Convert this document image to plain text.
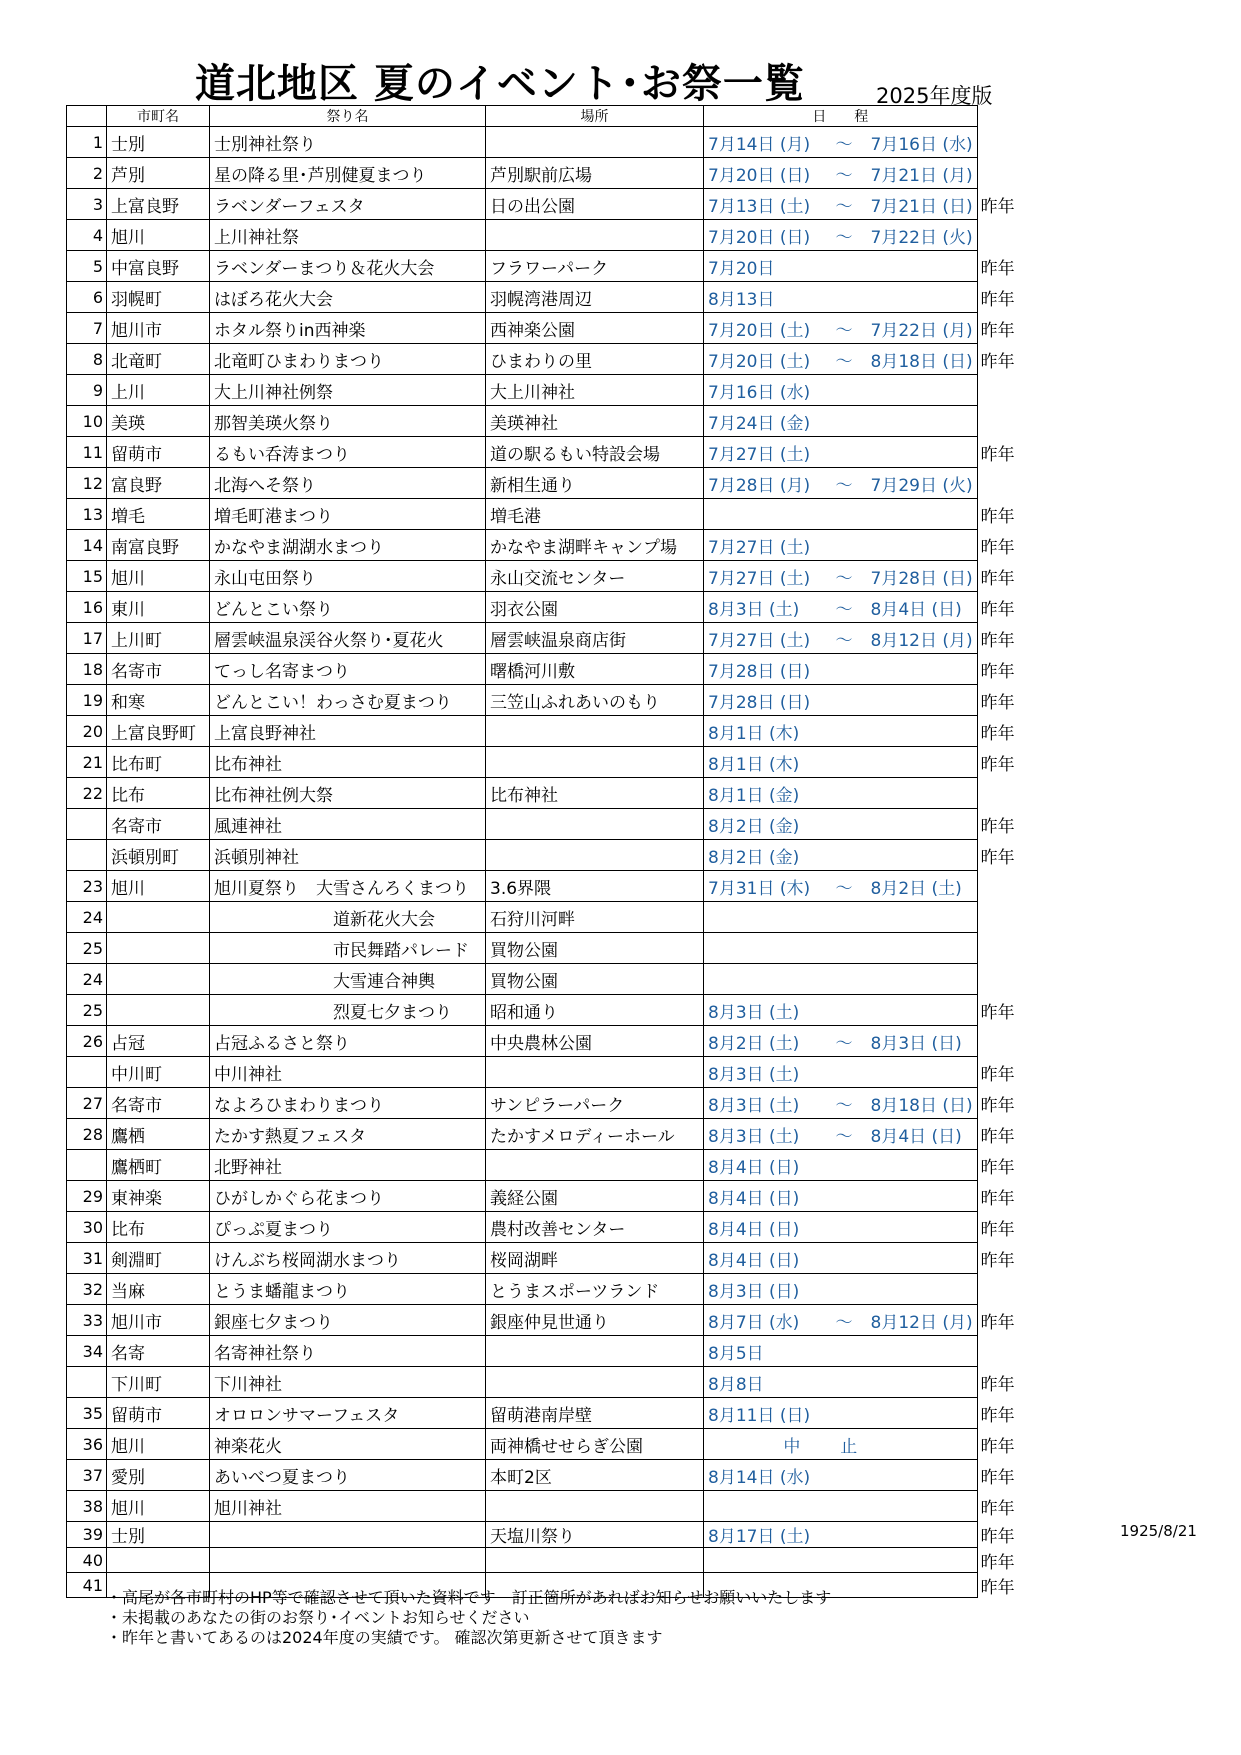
道北地区 夏のイベント･お祭一覧	2025年度版
	市町名	祭り名	場所	日　　程			
1	士別	士別神社祭り		7月14日 (月)	〜	7月16日 (水)	
2	芦別	星の降る里･芦別健夏まつり	芦別駅前広場	7月20日 (日)	〜	7月21日 (月)	
3	上富良野	ラベンダーフェスタ	日の出公園	7月13日 (土)	〜	7月21日 (日)	昨年
4	旭川	上川神社祭		7月20日 (日)	〜	7月22日 (火)	
5	中富良野	ラベンダーまつり＆花火大会	フラワーパーク	7月20日			昨年
6	羽幌町	はぼろ花火大会	羽幌湾港周辺	8月13日			昨年
7	旭川市	ホタル祭りin西神楽	西神楽公園	7月20日 (土)	〜	7月22日 (月)	昨年
8	北竜町	北竜町ひまわりまつり	ひまわりの里	7月20日 (土)	〜	8月18日 (日)	昨年
9	上川	大上川神社例祭	大上川神社	7月16日 (水)			
10	美瑛	那智美瑛火祭り	美瑛神社	7月24日 (金)			
11	留萌市	るもい呑涛まつり	道の駅るもい特設会場	7月27日 (土)			昨年
12	富良野	北海へそ祭り	新相生通り	7月28日 (月)	〜	7月29日 (火)	
13	増毛	増毛町港まつり	増毛港				昨年
14	南富良野	かなやま湖湖水まつり	かなやま湖畔キャンプ場	7月27日 (土)			昨年
15	旭川	永山屯田祭り	永山交流センター	7月27日 (土)	〜	7月28日 (日)	昨年
16	東川	どんとこい祭り	羽衣公園	8月3日 (土)	〜	8月4日 (日)	昨年
17	上川町	層雲峡温泉渓谷火祭り･夏花火	層雲峡温泉商店街	7月27日 (土)	〜	8月12日 (月)	昨年
18	名寄市	てっし名寄まつり	曙橋河川敷	7月28日 (日)			昨年
19	和寒	どんとこい！わっさむ夏まつり	三笠山ふれあいのもり	7月28日 (日)			昨年
20	上富良野町	上富良野神社		8月1日 (木)			昨年
21	比布町	比布神社		8月1日 (木)			昨年
22	比布	比布神社例大祭	比布神社	8月1日 (金)			
	名寄市	風連神社		8月2日 (金)			昨年
	浜頓別町	浜頓別神社		8月2日 (金)			昨年
23	旭川	旭川夏祭り　大雪さんろくまつり	3.6界隈	7月31日 (木)	〜	8月2日 (土)	
24		　　　　　　　道新花火大会	石狩川河畔				
25		　　　　　　　市民舞踏パレード	買物公園				
24		　　　　　　　大雪連合神輿	買物公園				
25		　　　　　　　烈夏七夕まつり	昭和通り	8月3日 (土)			昨年
26	占冠	占冠ふるさと祭り	中央農林公園	8月2日 (土)	〜	8月3日 (日)	
	中川町	中川神社		8月3日 (土)			昨年
27	名寄市	なよろひまわりまつり	サンピラーパーク	8月3日 (土)	〜	8月18日 (日)	昨年
28	鷹栖	たかす熱夏フェスタ	たかすメロディーホール	8月3日 (土)	〜	8月4日 (日)	昨年
	鷹栖町	北野神社		8月4日 (日)			昨年
29	東神楽	ひがしかぐら花まつり	義経公園	8月4日 (日)			昨年
30	比布	ぴっぷ夏まつり	農村改善センター	8月4日 (日)			昨年
31	剣淵町	けんぶち桜岡湖水まつり	桜岡湖畔	8月4日 (日)			昨年
32	当麻	とうま蟠龍まつり	とうまスポーツランド	8月3日 (日)			
33	旭川市	銀座七夕まつり	銀座仲見世通り	8月7日 (水)	〜	8月12日 (月)	昨年
34	名寄	名寄神社祭り		8月5日			
	下川町	下川神社		8月8日			昨年
35	留萌市	オロロンサマーフェスタ	留萌港南岸壁	8月11日 (日)			昨年
36	旭川	神楽花火	両神橋せせらぎ公園	中止			昨年
37	愛別	あいべつ夏まつり	本町2区	8月14日 (水)			昨年
38	旭川	旭川神社					昨年
39	士別		天塩川祭り	8月17日 (土)			昨年
40							昨年
41							昨年
1925/8/21
・高尾が各市町村のHP等で確認させて頂いた資料です　訂正箇所があればお知らせお願いいたします
・未掲載のあなたの街のお祭り･イベントお知らせください
・昨年と書いてあるのは2024年度の実績です。 確認次第更新させて頂きます
